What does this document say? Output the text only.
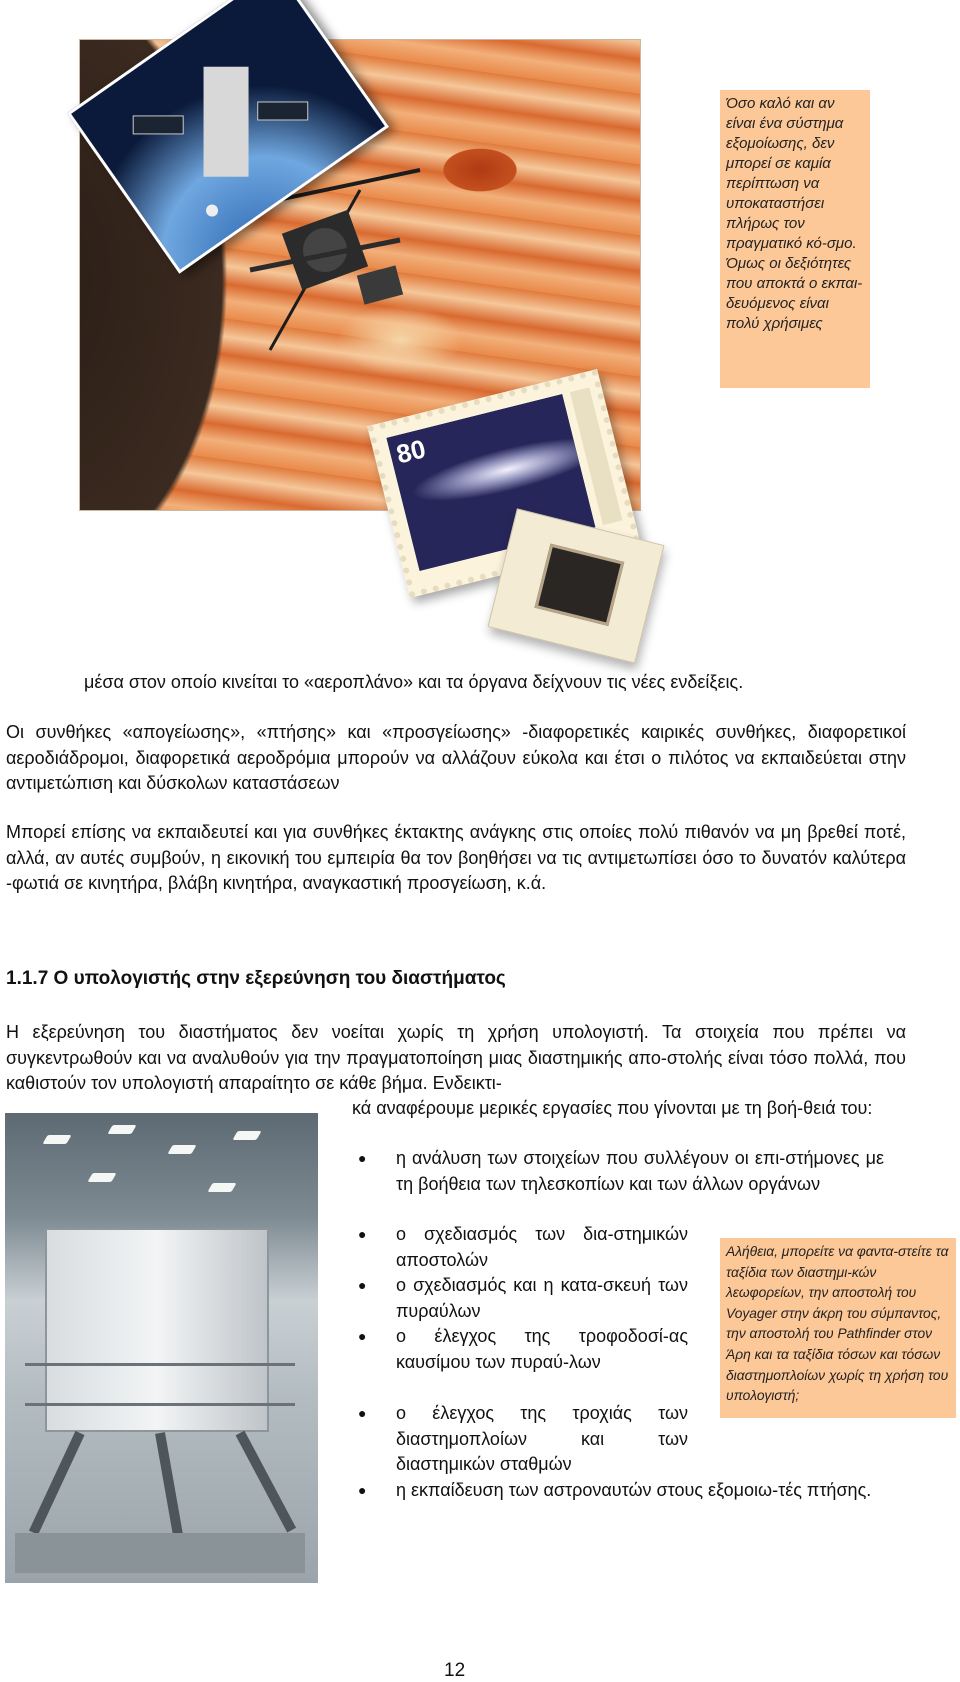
80
Όσο καλό και αν είναι ένα σύστημα εξομοίωσης, δεν μπορεί σε καμία περίπτωση να υποκαταστήσει πλήρως τον πραγματικό κό-σμο. Όμως οι δεξιότητες που αποκτά ο εκπαι-δευόμενος είναι πολύ χρήσιμες
μέσα στον οποίο κινείται το «αεροπλάνο» και τα όργανα δείχνουν τις νέες ενδείξεις.
Οι συνθήκες «απογείωσης», «πτήσης» και «προσγείωσης» -διαφορετικές καιρικές συνθήκες, διαφορετικοί αεροδιάδρομοι, διαφορετικά αεροδρόμια μπορούν να αλλάζουν εύκολα και έτσι ο πιλότος να εκπαιδεύεται στην αντιμετώπιση και δύσκολων καταστάσεων
Μπορεί επίσης να εκπαιδευτεί και για συνθήκες έκτακτης ανάγκης στις οποίες πολύ πιθανόν να μη βρεθεί ποτέ, αλλά, αν αυτές συμβούν, η εικονική του εμπειρία θα τον βοηθήσει να τις αντιμετωπίσει όσο το δυνατόν καλύτερα -φωτιά σε κινητήρα, βλάβη κινητήρα, αναγκαστική προσγείωση, κ.ά.
1.1.7 Ο υπολογιστής στην εξερεύνηση του διαστήματος
Η εξερεύνηση του διαστήματος δεν νοείται χωρίς τη χρήση υπολογιστή. Τα στοιχεία που πρέπει να συγκεντρωθούν και να αναλυθούν για την πραγματοποίηση μιας διαστημικής απο-στολής είναι τόσο πολλά, που καθιστούν τον υπολογιστή απαραίτητο σε κάθε βήμα. Ενδεικτι-
κά αναφέρουμε μερικές εργασίες που γίνονται με τη βοή-θειά του:
● η ανάλυση των στοιχείων που συλλέγουν οι επι-στήμονες με τη βοήθεια των τηλεσκοπίων και των άλλων οργάνων
● ο σχεδιασμός των δια-στημικών αποστολών
● ο σχεδιασμός και η κατα-σκευή των πυραύλων
● ο έλεγχος της τροφοδοσί-ας καυσίμου των πυραύ-λων
● ο έλεγχος της τροχιάς των διαστημοπλοίων και των διαστημικών σταθμών
● η εκπαίδευση των αστροναυτών στους εξομοιω-τές πτήσης.
Αλήθεια, μπορείτε να φαντα-στείτε τα ταξίδια των διαστημι-κών λεωφορείων, την αποστολή του Voyager στην άκρη του σύμπαντος, την αποστολή του Pathfinder στον Άρη και τα ταξίδια τόσων και τόσων διαστημοπλοίων χωρίς τη χρήση του υπολογιστή;
12
